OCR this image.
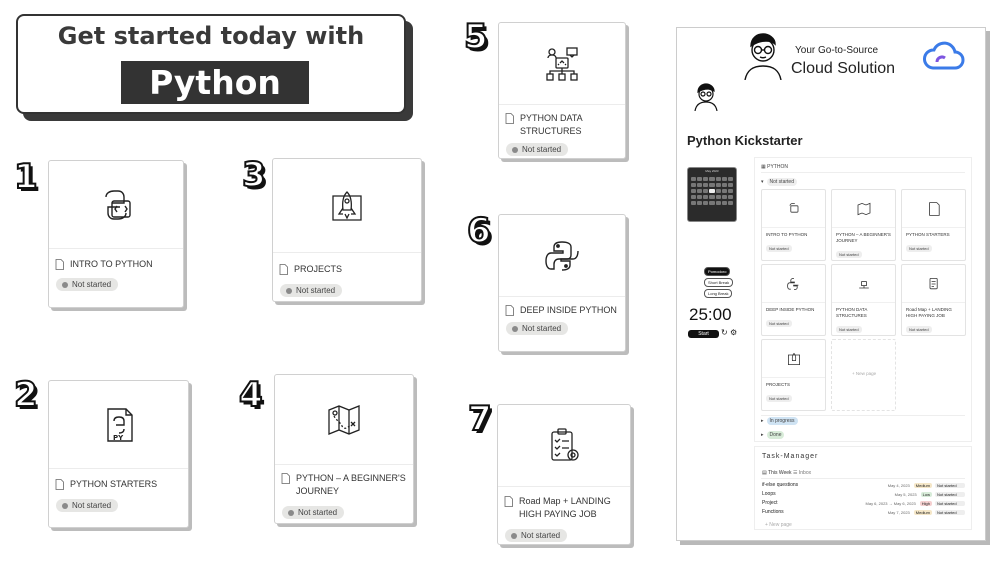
Get started today with
Python
1
2
3
4
5
6
7
INTRO TO PYTHON
Not started
PY
PYTHON STARTERS
Not started
PROJECTS
Not started
PYTHON – A BEGINNER'S JOURNEY
Not started
PYTHON DATA STRUCTURES
Not started
DEEP INSIDE PYTHON
Not started
Road Map + LANDING HIGH PAYING JOB
Not started
Your Go-to-Source
Cloud Solution
Python Kickstarter
May 2023
Pomodoro
Short Break
Long Break
25:00
Start	↻ ⚙
▦ PYTHON
▾	Not started
INTRO TO PYTHON
Not started
PYTHON – A BEGINNER'S JOURNEY
Not started
PYTHON STARTERS
Not started
DEEP INSIDE PYTHON
Not started
PYTHON DATA STRUCTURES
Not started
Road Map + LANDING HIGH PAYING JOB
Not started
PROJECTS
Not started
+ New page
▸	In progress
▸	Done
Task-Manager
▤ This Week ☰ Inbox
if-else questions	May 4, 2023	Medium	Not started
Loops	May 5, 2023	Low	Not started
Project	May 6, 2023 → May 6, 2023	High	Not started
Functions	May 7, 2023	Medium	Not started
+ New page
